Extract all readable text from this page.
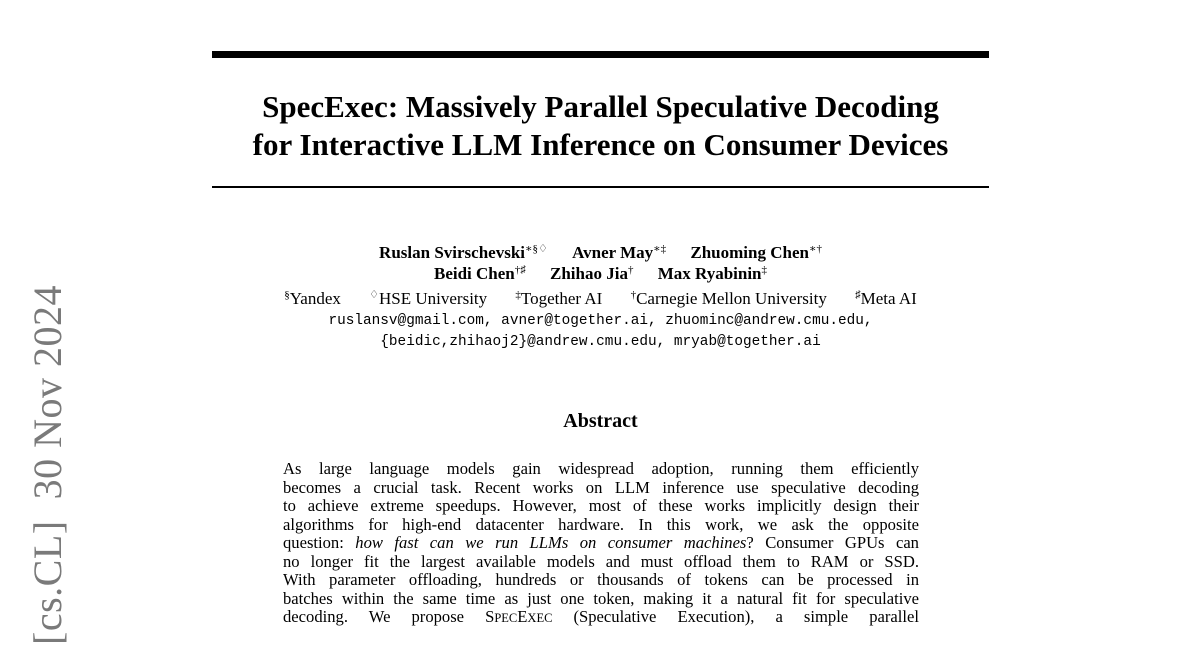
[cs.CL]  30 Nov 2024
SpecExec: Massively Parallel Speculative Decoding
for Interactive LLM Inference on Consumer Devices
Ruslan Svirschevski∗§♢ Avner May∗‡ Zhuoming Chen∗†
Beidi Chen†♯ Zhihao Jia† Max Ryabinin‡
§Yandex	♢HSE University	‡Together AI	†Carnegie Mellon University	♯Meta AI
ruslansv@gmail.com, avner@together.ai, zhuominc@andrew.cmu.edu,
{beidic,zhihaoj2}@andrew.cmu.edu, mryab@together.ai
Abstract
As large language models gain widespread adoption, running them efficiently
becomes a crucial task. Recent works on LLM inference use speculative decoding
to achieve extreme speedups. However, most of these works implicitly design their
algorithms for high-end datacenter hardware. In this work, we ask the opposite
question: how fast can we run LLMs on consumer machines? Consumer GPUs can
no longer fit the largest available models and must offload them to RAM or SSD.
With parameter offloading, hundreds or thousands of tokens can be processed in
batches within the same time as just one token, making it a natural fit for speculative
decoding. We propose SPECEXEC (Speculative Execution), a simple parallel
